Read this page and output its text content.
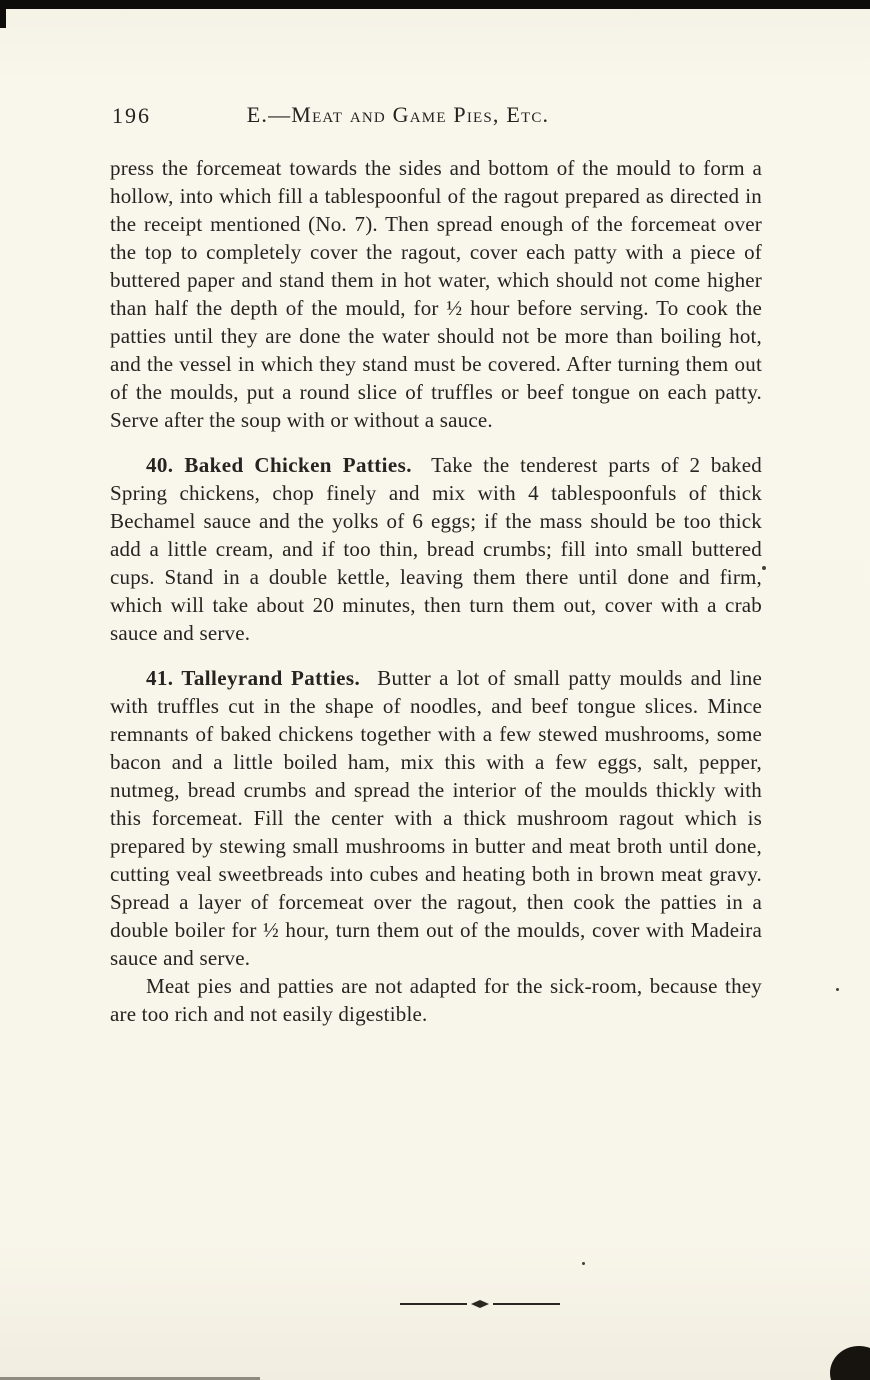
196	E.—Meat and Game Pies, Etc.

press the forcemeat towards the sides and bottom of the mould to form a hollow, into which fill a tablespoonful of the ragout prepared as directed in the receipt mentioned (No. 7). Then spread enough of the forcemeat over the top to completely cover the ragout, cover each patty with a piece of buttered paper and stand them in hot water, which should not come higher than half the depth of the mould, for ½ hour before serving. To cook the patties until they are done the water should not be more than boiling hot, and the vessel in which they stand must be covered. After turning them out of the moulds, put a round slice of truffles or beef tongue on each patty. Serve after the soup with or without a sauce.

40. Baked Chicken Patties. Take the tenderest parts of 2 baked Spring chickens, chop finely and mix with 4 tablespoonfuls of thick Bechamel sauce and the yolks of 6 eggs; if the mass should be too thick add a little cream, and if too thin, bread crumbs; fill into small buttered cups. Stand in a double kettle, leaving them there until done and firm, which will take about 20 minutes, then turn them out, cover with a crab sauce and serve.

41. Talleyrand Patties. Butter a lot of small patty moulds and line with truffles cut in the shape of noodles, and beef tongue slices. Mince remnants of baked chickens together with a few stewed mushrooms, some bacon and a little boiled ham, mix this with a few eggs, salt, pepper, nutmeg, bread crumbs and spread the interior of the moulds thickly with this forcemeat. Fill the center with a thick mushroom ragout which is prepared by stewing small mushrooms in butter and meat broth until done, cutting veal sweetbreads into cubes and heating both in brown meat gravy. Spread a layer of forcemeat over the ragout, then cook the patties in a double boiler for ½ hour, turn them out of the moulds, cover with Madeira sauce and serve.

Meat pies and patties are not adapted for the sick-room, because they are too rich and not easily digestible.
